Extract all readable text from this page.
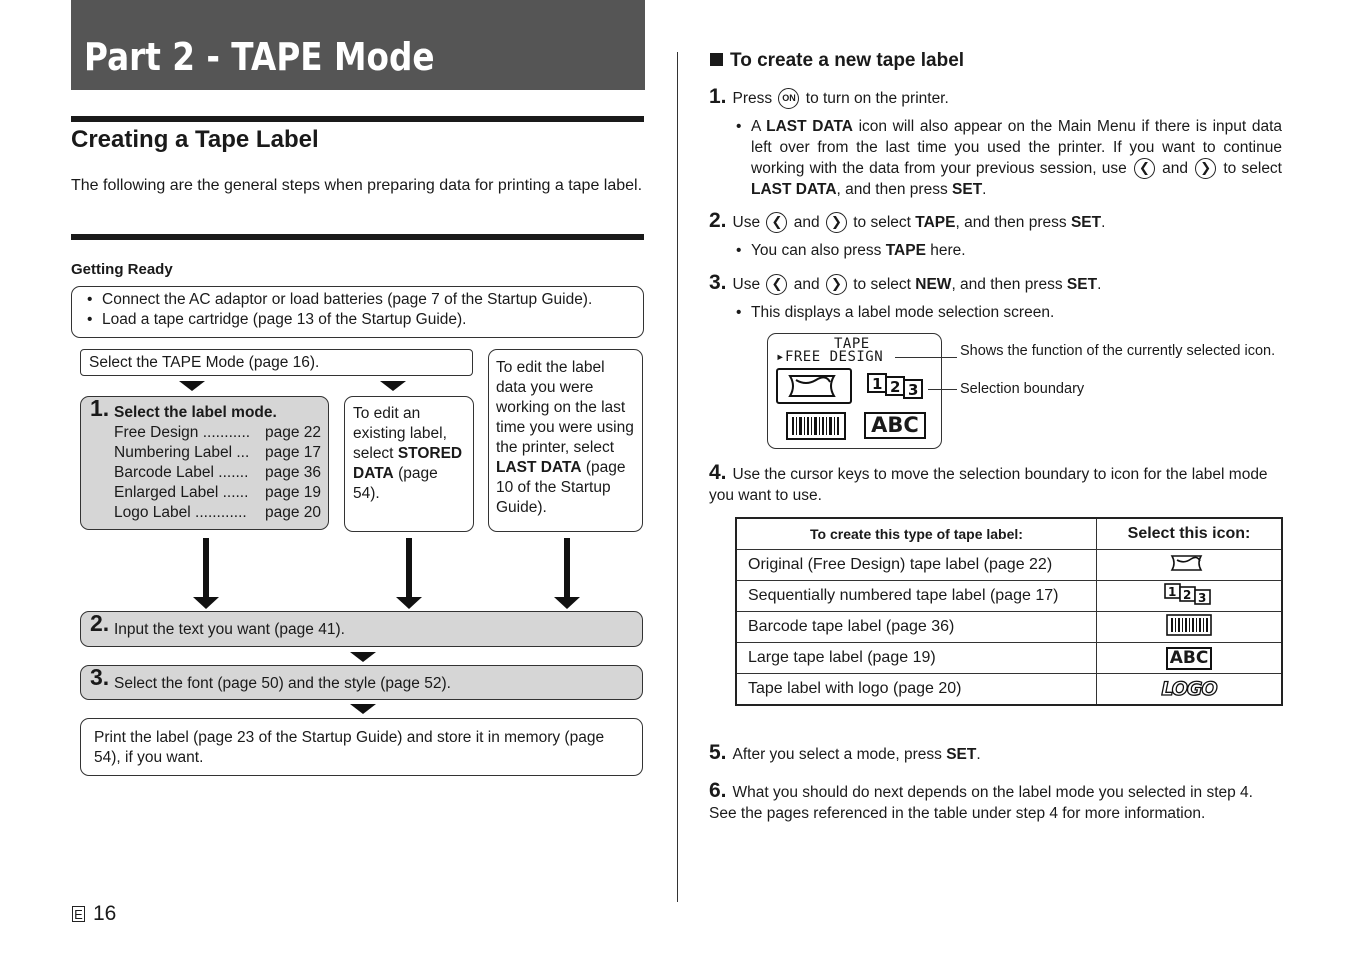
Part 2 - TAPE Mode
Creating a Tape Label
The following are the general steps when preparing data for printing a tape label.
Getting Ready
• Connect the AC adaptor or load batteries (page 7 of the Startup Guide).
• Load a tape cartridge (page 13 of the Startup Guide).
Select the TAPE Mode (page 16).
1. Select the label mode.
Free Design ........... page 22
Numbering Label ... page 17
Barcode Label ....... page 36
Enlarged Label ...... page 19
Logo Label ............ page 20
To edit an existing label, select STORED DATA (page 54).
To edit the label data you were working on the last time you were using the printer, select LAST DATA (page 10 of the Startup Guide).
2. Input the text you want (page 41).
3. Select the font (page 50) and the style (page 52).
Print the label (page 23 of the Startup Guide) and store it in memory (page 54), if you want.
E 16
To create a new tape label
1. Press ON to turn on the printer.
• A LAST DATA icon will also appear on the Main Menu if there is input data left over from the last time you used the printer. If you want to continue working with the data from your previous session, use ❮ and ❯ to select LAST DATA, and then press SET.
2. Use ❮ and ❯ to select TAPE, and then press SET.
• You can also press TAPE here.
3. Use ❮ and ❯ to select NEW, and then press SET.
• This displays a label mode selection screen.
TAPE
▸FREE DESIGN
1 2 3
ABC
Shows the function of the currently selected icon.
Selection boundary
4. Use the cursor keys to move the selection boundary to icon for the label mode you want to use.
To create this type of tape label:	Select this icon:
Original (Free Design) tape label (page 22)	
Sequentially numbered tape label (page 17)	1 2 3

Barcode tape label (page 36)	
Large tape label (page 19)	ABC
Tape label with logo (page 20)	LOGO
5. After you select a mode, press SET.
6. What you should do next depends on the label mode you selected in step 4. See the pages referenced in the table under step 4 for more information.
